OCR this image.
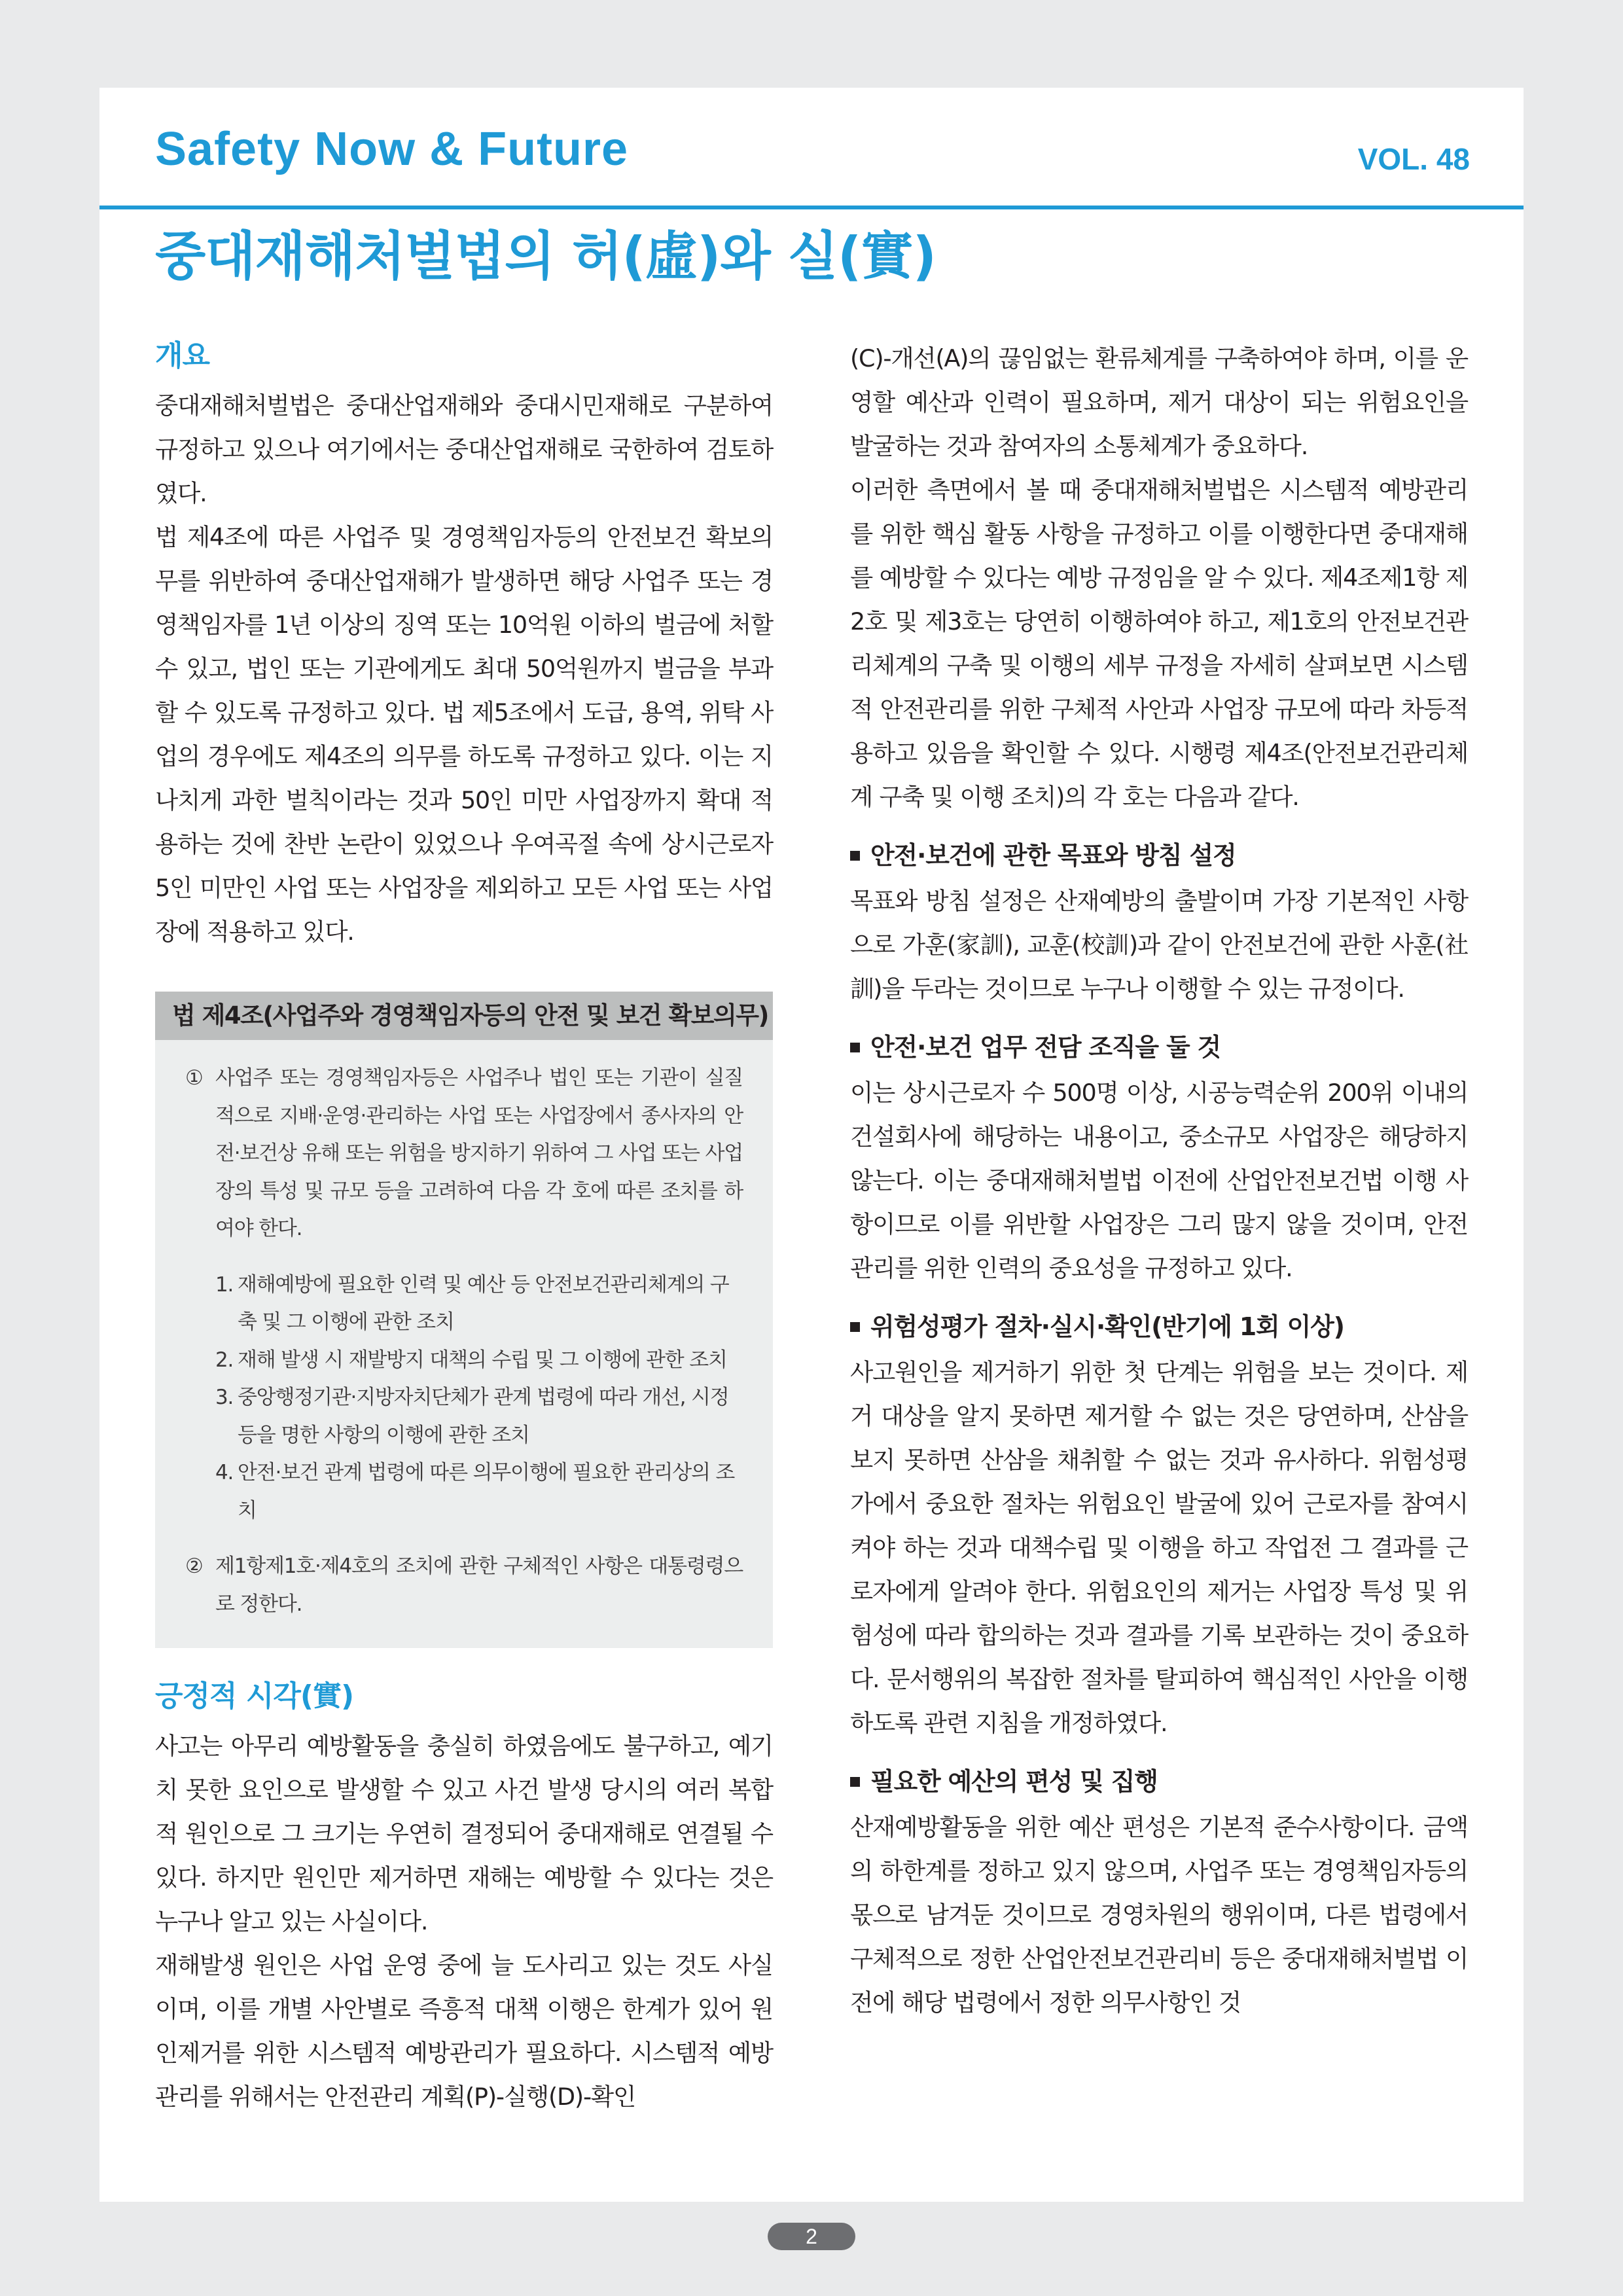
Safety Now & Future	VOL. 48
중대재해처벌법의 허(虛)와 실(實)
개요

중대재해처벌법은 중대산업재해와 중대시민재해로 구분하여 규정하고 있으나 여기에서는 중대산업재해로 국한하여 검토하였다.

법 제4조에 따른 사업주 및 경영책임자등의 안전보건 확보의무를 위반하여 중대산업재해가 발생하면 해당 사업주 또는 경영책임자를 1년 이상의 징역 또는 10억원 이하의 벌금에 처할 수 있고, 법인 또는 기관에게도 최대 50억원까지 벌금을 부과할 수 있도록 규정하고 있다. 법 제5조에서 도급, 용역, 위탁 사업의 경우에도 제4조의 의무를 하도록 규정하고 있다. 이는 지나치게 과한 벌칙이라는 것과 50인 미만 사업장까지 확대 적용하는 것에 찬반 논란이 있었으나 우여곡절 속에 상시근로자 5인 미만인 사업 또는 사업장을 제외하고 모든 사업 또는 사업장에 적용하고 있다.

법 제4조(사업주와 경영책임자등의 안전 및 보건 확보의무)
① 사업주 또는 경영책임자등은 사업주나 법인 또는 기관이 실질적으로 지배·운영·관리하는 사업 또는 사업장에서 종사자의 안전·보건상 유해 또는 위험을 방지하기 위하여 그 사업 또는 사업장의 특성 및 규모 등을 고려하여 다음 각 호에 따른 조치를 하여야 한다.
1. 재해예방에 필요한 인력 및 예산 등 안전보건관리체계의 구축 및 그 이행에 관한 조치
2. 재해 발생 시 재발방지 대책의 수립 및 그 이행에 관한 조치
3. 중앙행정기관·지방자치단체가 관계 법령에 따라 개선, 시정 등을 명한 사항의 이행에 관한 조치
4. 안전·보건 관계 법령에 따른 의무이행에 필요한 관리상의 조치
② 제1항제1호·제4호의 조치에 관한 구체적인 사항은 대통령령으로 정한다.
긍정적 시각(實)

사고는 아무리 예방활동을 충실히 하였음에도 불구하고, 예기치 못한 요인으로 발생할 수 있고 사건 발생 당시의 여러 복합적 원인으로 그 크기는 우연히 결정되어 중대재해로 연결될 수 있다. 하지만 원인만 제거하면 재해는 예방할 수 있다는 것은 누구나 알고 있는 사실이다.

재해발생 원인은 사업 운영 중에 늘 도사리고 있는 것도 사실이며, 이를 개별 사안별로 즉흥적 대책 이행은 한계가 있어 원인제거를 위한 시스템적 예방관리가 필요하다. 시스템적 예방관리를 위해서는 안전관리 계획(P)-실행(D)-확인

(C)-개선(A)의 끊임없는 환류체계를 구축하여야 하며, 이를 운영할 예산과 인력이 필요하며, 제거 대상이 되는 위험요인을 발굴하는 것과 참여자의 소통체계가 중요하다.

이러한 측면에서 볼 때 중대재해처벌법은 시스템적 예방관리를 위한 핵심 활동 사항을 규정하고 이를 이행한다면 중대재해를 예방할 수 있다는 예방 규정임을 알 수 있다. 제4조제1항 제2호 및 제3호는 당연히 이행하여야 하고, 제1호의 안전보건관리체계의 구축 및 이행의 세부 규정을 자세히 살펴보면 시스템적 안전관리를 위한 구체적 사안과 사업장 규모에 따라 차등적용하고 있음을 확인할 수 있다. 시행령 제4조(안전보건관리체계 구축 및 이행 조치)의 각 호는 다음과 같다.

안전·보건에 관한 목표와 방침 설정

목표와 방침 설정은 산재예방의 출발이며 가장 기본적인 사항으로 가훈(家訓), 교훈(校訓)과 같이 안전보건에 관한 사훈(社訓)을 두라는 것이므로 누구나 이행할 수 있는 규정이다.

안전·보건 업무 전담 조직을 둘 것

이는 상시근로자 수 500명 이상, 시공능력순위 200위 이내의 건설회사에 해당하는 내용이고, 중소규모 사업장은 해당하지 않는다. 이는 중대재해처벌법 이전에 산업안전보건법 이행 사항이므로 이를 위반할 사업장은 그리 많지 않을 것이며, 안전관리를 위한 인력의 중요성을 규정하고 있다.

위험성평가 절차·실시·확인(반기에 1회 이상)

사고원인을 제거하기 위한 첫 단계는 위험을 보는 것이다. 제거 대상을 알지 못하면 제거할 수 없는 것은 당연하며, 산삼을 보지 못하면 산삼을 채취할 수 없는 것과 유사하다. 위험성평가에서 중요한 절차는 위험요인 발굴에 있어 근로자를 참여시켜야 하는 것과 대책수립 및 이행을 하고 작업전 그 결과를 근로자에게 알려야 한다. 위험요인의 제거는 사업장 특성 및 위험성에 따라 합의하는 것과 결과를 기록 보관하는 것이 중요하다. 문서행위의 복잡한 절차를 탈피하여 핵심적인 사안을 이행하도록 관련 지침을 개정하였다.

필요한 예산의 편성 및 집행

산재예방활동을 위한 예산 편성은 기본적 준수사항이다. 금액의 하한계를 정하고 있지 않으며, 사업주 또는 경영책임자등의 몫으로 남겨둔 것이므로 경영차원의 행위이며, 다른 법령에서 구체적으로 정한 산업안전보건관리비 등은 중대재해처벌법 이전에 해당 법령에서 정한 의무사항인 것

2
